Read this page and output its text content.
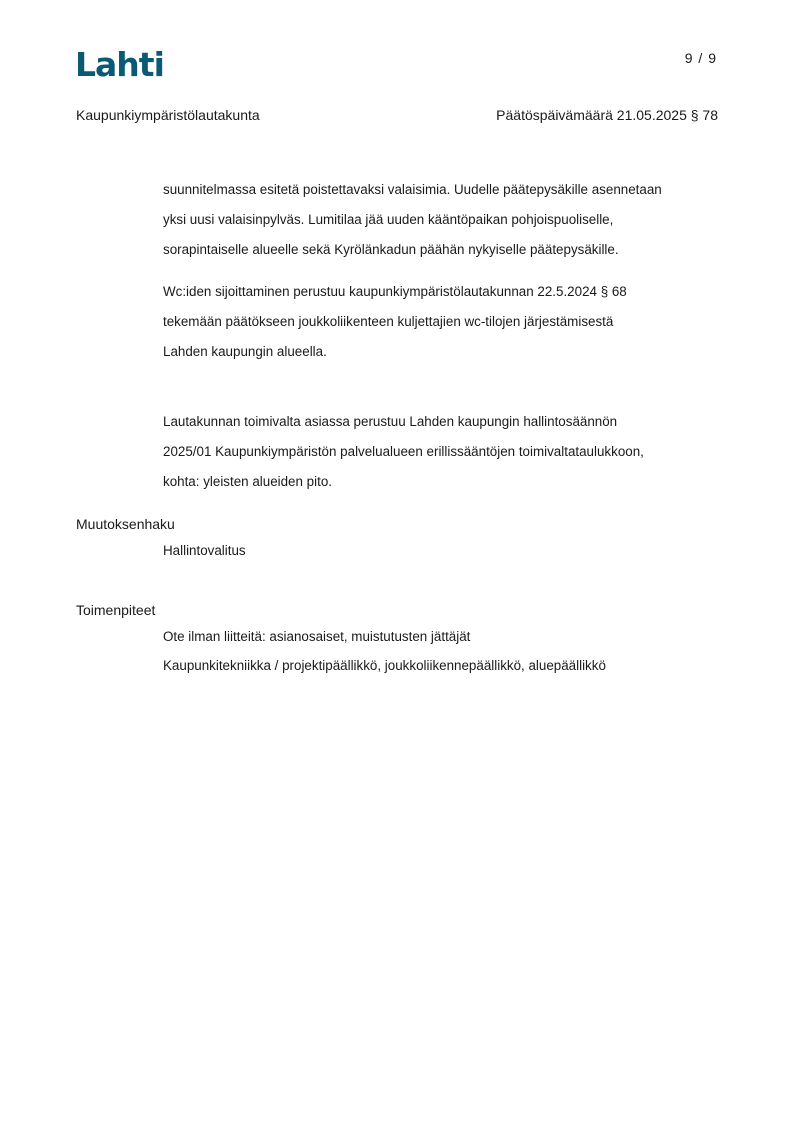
Lahti	9 / 9
Kaupunkiympäristölautakunta	Päätöspäivämäärä 21.05.2025 § 78

suunnitelmassa esitetä poistettavaksi valaisimia. Uudelle päätepysäkille asennetaan

yksi uusi valaisinpylväs. Lumitilaa jää uuden kääntöpaikan pohjoispuoliselle,

sorapintaiselle alueelle sekä Kyrölänkadun päähän nykyiselle päätepysäkille.

Wc:iden sijoittaminen perustuu kaupunkiympäristölautakunnan 22.5.2024 § 68

tekemään päätökseen joukkoliikenteen kuljettajien wc-tilojen järjestämisestä

Lahden kaupungin alueella.

Lautakunnan toimivalta asiassa perustuu Lahden kaupungin hallintosäännön

2025/01 Kaupunkiympäristön palvelualueen erillissääntöjen toimivaltataulukkoon,

kohta: yleisten alueiden pito.

Muutoksenhaku
Hallintovalitus
Toimenpiteet
Ote ilman liitteitä: asianosaiset, muistutusten jättäjät
Kaupunkitekniikka / projektipäällikkö, joukkoliikennepäällikkö, aluepäällikkö
